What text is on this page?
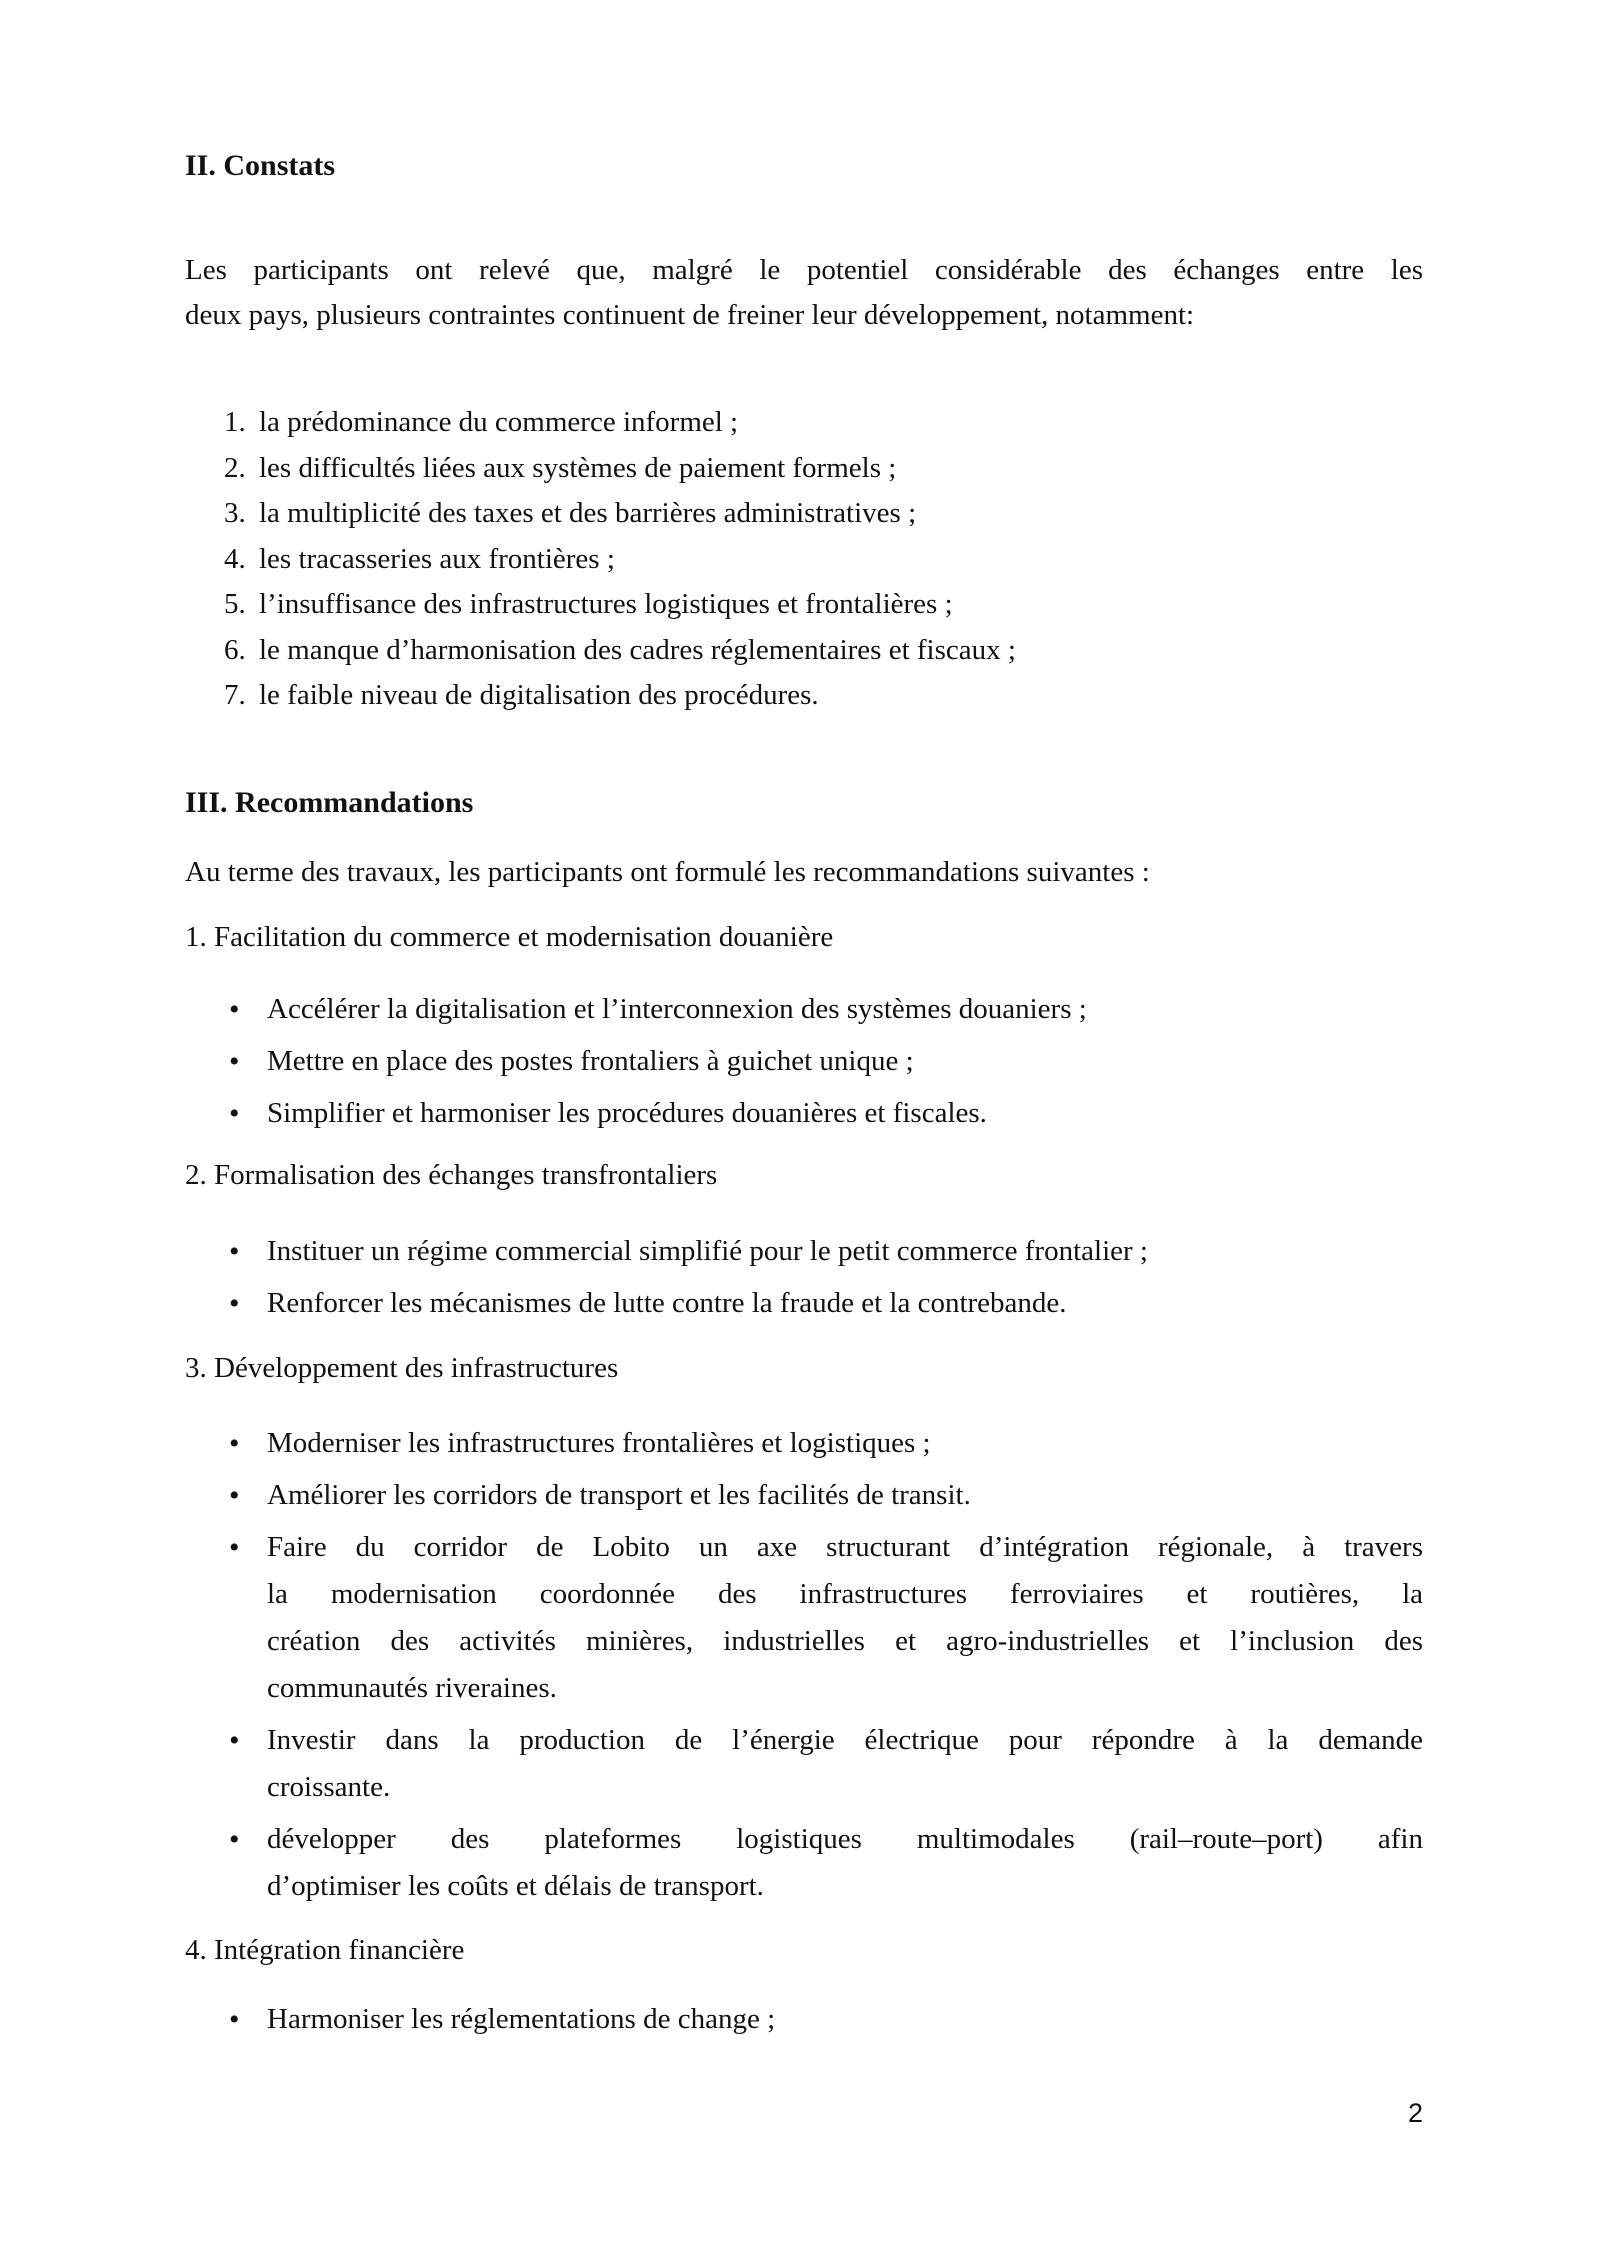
II. Constats
Les participants ont relevé que, malgré le potentiel considérable des échanges entre les
deux pays, plusieurs contraintes continuent de freiner leur développement, notamment:
1. la prédominance du commerce informel ;
2. les difficultés liées aux systèmes de paiement formels ;
3. la multiplicité des taxes et des barrières administratives ;
4. les tracasseries aux frontières ;
5. l’insuffisance des infrastructures logistiques et frontalières ;
6. le manque d’harmonisation des cadres réglementaires et fiscaux ;
7. le faible niveau de digitalisation des procédures.
III. Recommandations
Au terme des travaux, les participants ont formulé les recommandations suivantes :
1. Facilitation du commerce et modernisation douanière
• Accélérer la digitalisation et l’interconnexion des systèmes douaniers ;
• Mettre en place des postes frontaliers à guichet unique ;
• Simplifier et harmoniser les procédures douanières et fiscales.
2. Formalisation des échanges transfrontaliers
• Instituer un régime commercial simplifié pour le petit commerce frontalier ;
• Renforcer les mécanismes de lutte contre la fraude et la contrebande.
3. Développement des infrastructures
• Moderniser les infrastructures frontalières et logistiques ;
• Améliorer les corridors de transport et les facilités de transit.
• Faire du corridor de Lobito un axe structurant d’intégration régionale, à travers
la modernisation coordonnée des infrastructures ferroviaires et routières, la
création des activités minières, industrielles et agro-industrielles et l’inclusion des
communautés riveraines.
• Investir dans la production de l’énergie électrique pour répondre à la demande
croissante.
• développer des plateformes logistiques multimodales (rail–route–port) afin
d’optimiser les coûts et délais de transport.
4. Intégration financière
• Harmoniser les réglementations de change ;
2
